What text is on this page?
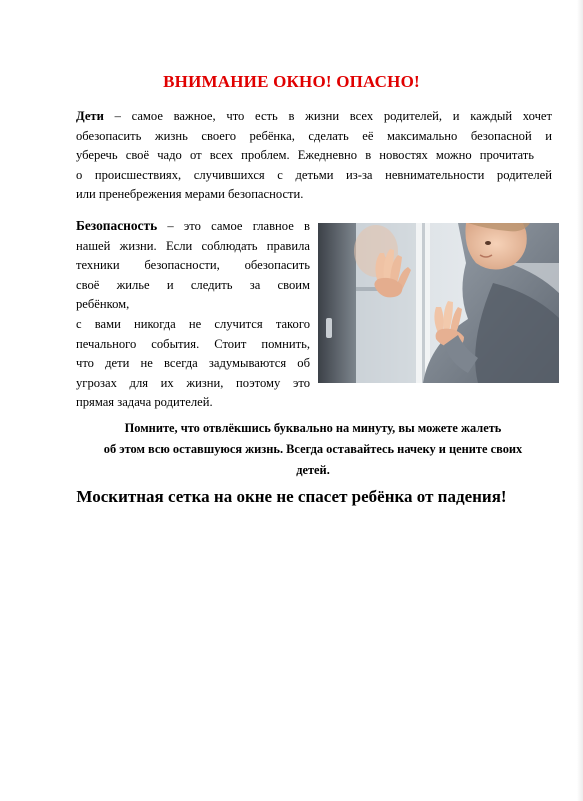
ВНИМАНИЕ ОКНО! ОПАСНО!
Дети – самое важное, что есть в жизни всех родителей, и каждый хочет
обезопасить жизнь своего ребёнка, сделать её максимально безопасной и
уберечь своё чадо от всех проблем. Ежедневно в новостях можно прочитать
о происшествиях, случившихся с детьми из-за невнимательности родителей
или пренебрежения мерами безопасности.
Безопасность – это самое главное в
нашей жизни. Если соблюдать правила
техники безопасности, обезопасить
своё жилье и следить за своим
ребёнком,
с вами никогда не случится такого
печального события. Стоит помнить,
что дети не всегда задумываются об
угрозах для их жизни, поэтому это
прямая задача родителей.
Помните, что отвлёкшись буквально на минуту, вы можете жалеть
об этом всю оставшуюся жизнь. Всегда оставайтесь начеку и цените своих
детей.
Москитная сетка на окне не спасет ребёнка от падения!
